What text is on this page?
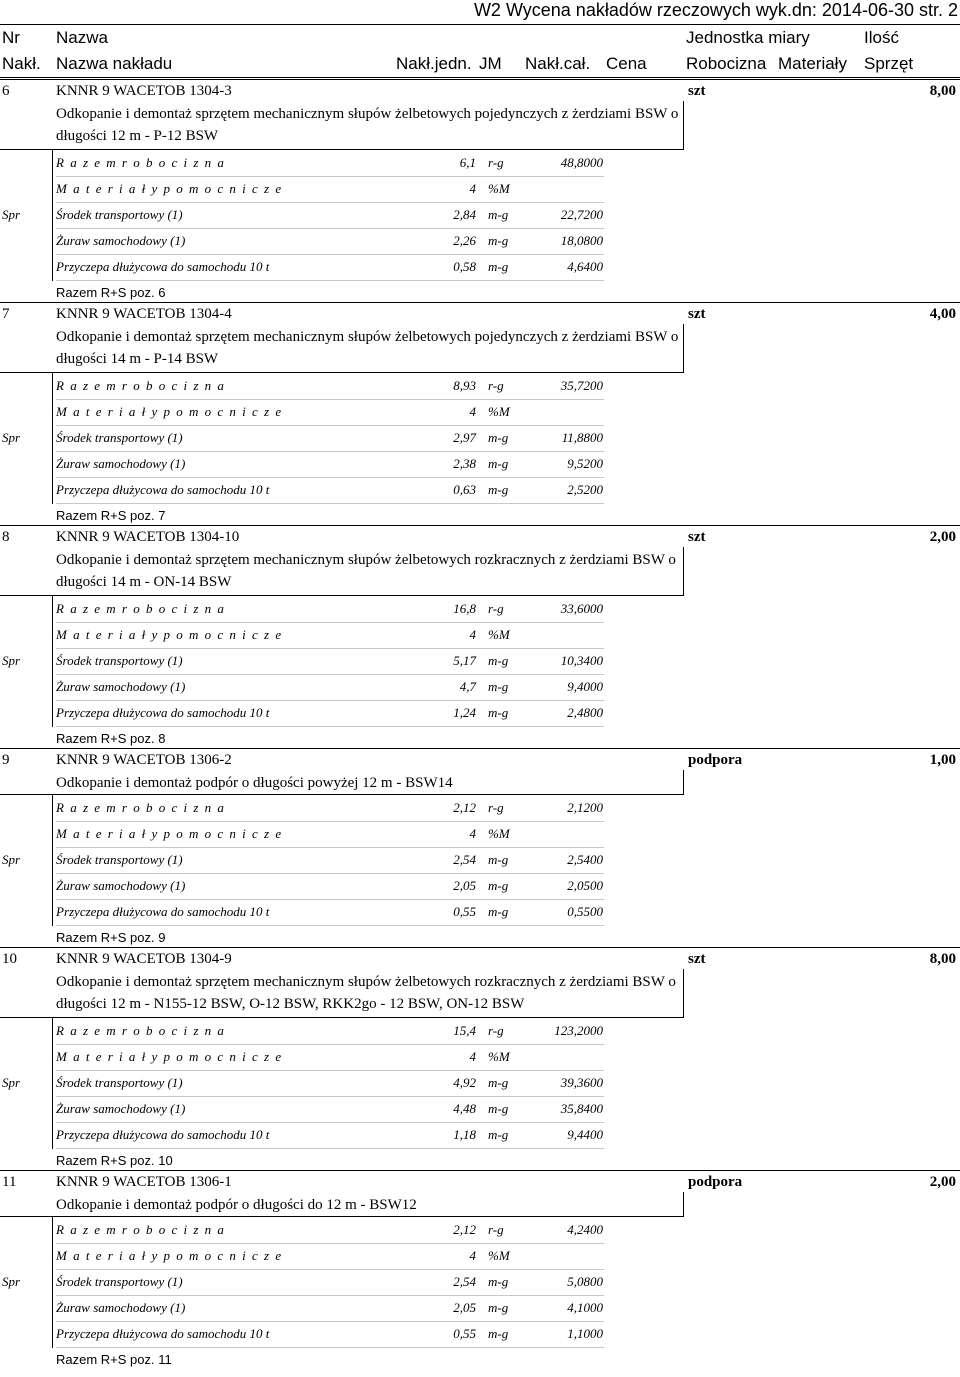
W2 Wycena nakładów rzeczowych wyk.dn: 2014-06-30 str. 2
Nr Nazwa	Jednostka miary	Ilość
Nakł. Nazwa nakładu	Nakł.jedn. JM Nakł.cał. Cena Robocizna Materiały Sprzęt
6	KNNR 9 WACETOB 1304-3
Odkopanie i demontaż sprzętem mechanicznym słupów żelbetowych pojedynczych z żerdziami BSW o długości 12 m - P-12 BSW
szt	8,00
R a z e m r o b o c i z n a	6,1 r-g	48,8000
M a t e r i a ł y p o m o c n i c z e	4 %M
Spr	Środek transportowy (1)	2,84 m-g	22,7200
Żuraw samochodowy (1)	2,26 m-g	18,0800
Przyczepa dłużycowa do samochodu 10 t	0,58 m-g	4,6400
Razem R+S poz. 6
7	KNNR 9 WACETOB 1304-4
Odkopanie i demontaż sprzętem mechanicznym słupów żelbetowych pojedynczych z żerdziami BSW o długości 14 m - P-14 BSW
szt	4,00
R a z e m r o b o c i z n a	8,93 r-g	35,7200
M a t e r i a ł y p o m o c n i c z e	4 %M
Spr	Środek transportowy (1)	2,97 m-g	11,8800
Żuraw samochodowy (1)	2,38 m-g	9,5200
Przyczepa dłużycowa do samochodu 10 t	0,63 m-g	2,5200
Razem R+S poz. 7
8	KNNR 9 WACETOB 1304-10
Odkopanie i demontaż sprzętem mechanicznym słupów żelbetowych rozkracznych z żerdziami BSW o długości 14 m - ON-14 BSW
szt	2,00
R a z e m r o b o c i z n a	16,8 r-g	33,6000
M a t e r i a ł y p o m o c n i c z e	4 %M
Spr	Środek transportowy (1)	5,17 m-g	10,3400
Żuraw samochodowy (1)	4,7 m-g	9,4000
Przyczepa dłużycowa do samochodu 10 t	1,24 m-g	2,4800
Razem R+S poz. 8
9	KNNR 9 WACETOB 1306-2
Odkopanie i demontaż podpór o długości powyżej 12 m - BSW14
podpora	1,00
R a z e m r o b o c i z n a	2,12 r-g	2,1200
M a t e r i a ł y p o m o c n i c z e	4 %M
Spr	Środek transportowy (1)	2,54 m-g	2,5400
Żuraw samochodowy (1)	2,05 m-g	2,0500
Przyczepa dłużycowa do samochodu 10 t	0,55 m-g	0,5500
Razem R+S poz. 9
10	KNNR 9 WACETOB 1304-9
Odkopanie i demontaż sprzętem mechanicznym słupów żelbetowych rozkracznych z żerdziami BSW o długości 12 m - N155-12 BSW, O-12 BSW, RKK2go - 12 BSW, ON-12 BSW
szt	8,00
R a z e m r o b o c i z n a	15,4 r-g	123,2000
M a t e r i a ł y p o m o c n i c z e	4 %M
Spr	Środek transportowy (1)	4,92 m-g	39,3600
Żuraw samochodowy (1)	4,48 m-g	35,8400
Przyczepa dłużycowa do samochodu 10 t	1,18 m-g	9,4400
Razem R+S poz. 10
11	KNNR 9 WACETOB 1306-1
Odkopanie i demontaż podpór o długości do 12 m - BSW12
podpora	2,00
R a z e m r o b o c i z n a	2,12 r-g	4,2400
M a t e r i a ł y p o m o c n i c z e	4 %M
Spr	Środek transportowy (1)	2,54 m-g	5,0800
Żuraw samochodowy (1)	2,05 m-g	4,1000
Przyczepa dłużycowa do samochodu 10 t	0,55 m-g	1,1000
Razem R+S poz. 11
